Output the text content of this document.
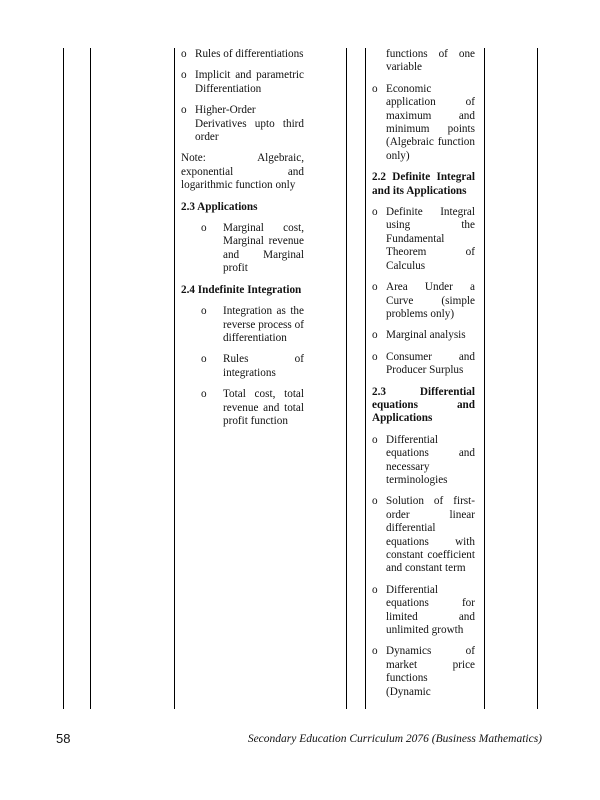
o Rules of differentiations
o Implicit and parametric Differentiation
o Higher-Order Derivatives upto third order
Note: Algebraic, exponential and logarithmic function only
2.3 Applications
o Marginal cost, Marginal revenue and Marginal profit
2.4 Indefinite Integration
o Integration as the reverse process of differentiation
o Rules of integrations
o Total cost, total revenue and total profit function
functions of one variable
o Economic application of maximum and minimum points (Algebraic function only)
2.2 Definite Integral and its Applications
o Definite Integral using the Fundamental Theorem of Calculus
o Area Under a Curve (simple problems only)
o Marginal analysis
o Consumer and Producer Surplus
2.3 Differential equations and Applications
o Differential equations and necessary terminologies
o Solution of first-order linear differential equations with constant coefficient and constant term
o Differential equations for limited and unlimited growth
o Dynamics of market price functions (Dynamic
58	Secondary Education Curriculum 2076 (Business Mathematics)
